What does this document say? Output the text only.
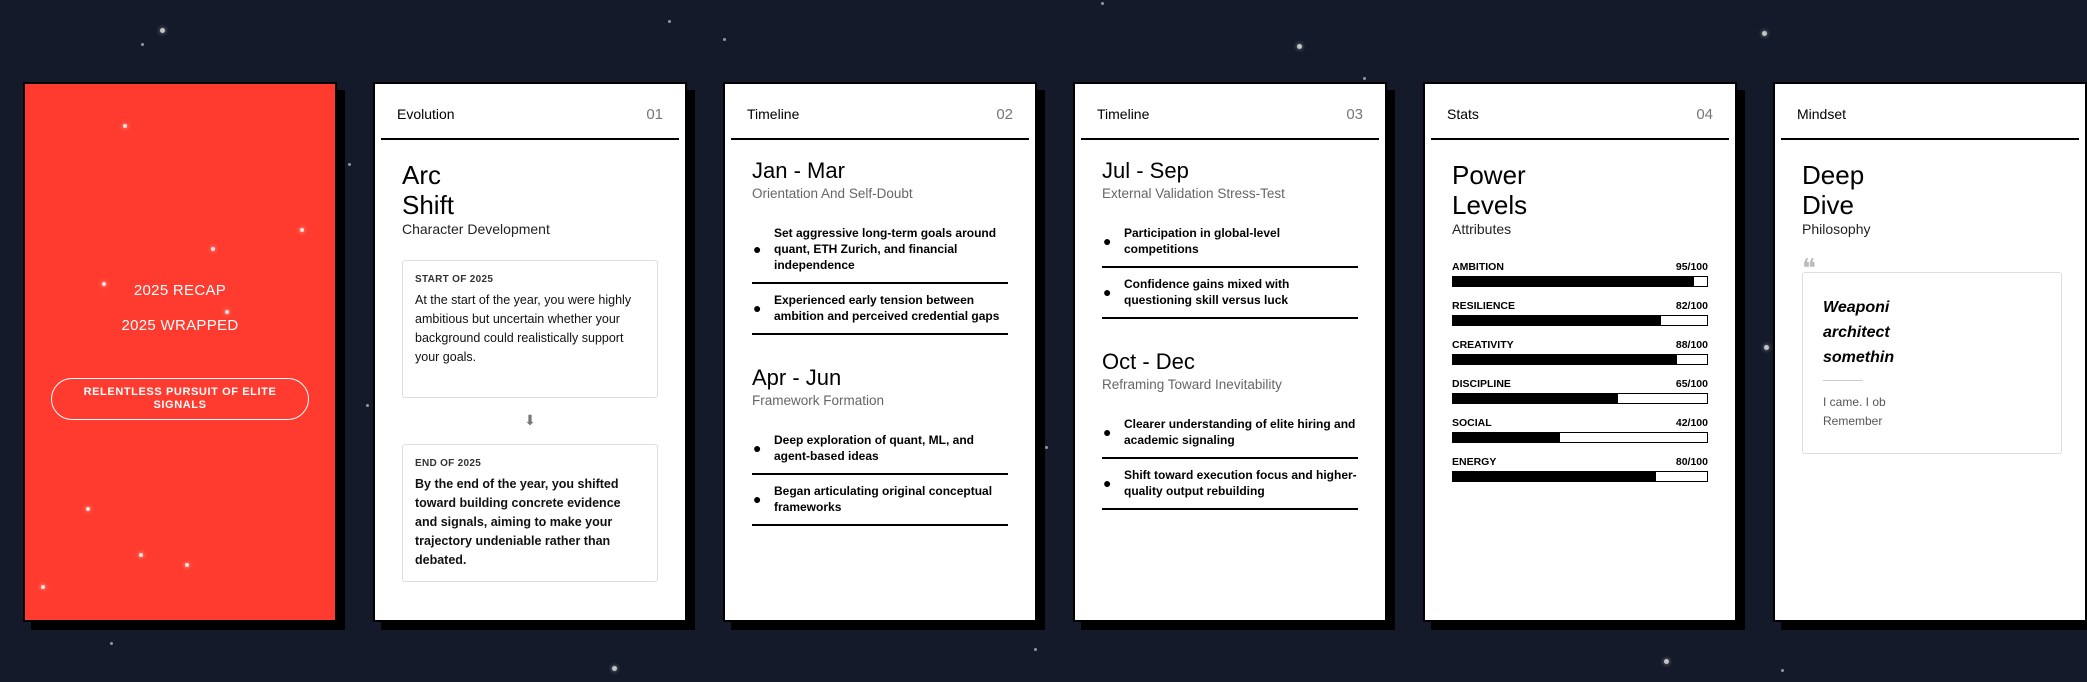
2025 RECAP
2025 WRAPPED
RELENTLESS PURSUIT OF ELITE SIGNALS
Evolution	01
Arc
Shift
Character Development
START OF 2025
At the start of the year, you were highly ambitious but uncertain whether your background could realistically support your goals.
⬇
END OF 2025
By the end of the year, you shifted toward building concrete evidence and signals, aiming to make your trajectory undeniable rather than debated.
Timeline	02
Jan - Mar
Orientation And Self-Doubt
●
Set aggressive long-term goals around quant, ETH Zurich, and financial independence
●	Experienced early tension between ambition and perceived credential gaps
Apr - Jun
Framework Formation
●	Deep exploration of quant, ML, and agent-based ideas
●	Began articulating original conceptual frameworks
Timeline	03
Jul - Sep
External Validation Stress-Test
●	Participation in global-level competitions
●	Confidence gains mixed with questioning skill versus luck
Oct - Dec
Reframing Toward Inevitability
●	Clearer understanding of elite hiring and academic signaling
●	Shift toward execution focus and higher-quality output rebuilding
Stats	04
Power
Levels
Attributes
AMBITION	95/100
RESILIENCE	82/100
CREATIVITY	88/100
DISCIPLINE	65/100
SOCIAL	42/100
ENERGY	80/100
Mindset
Deep
Dive
Philosophy
❝
Weaponi
architect
somethin
I came. I ob
Remember
